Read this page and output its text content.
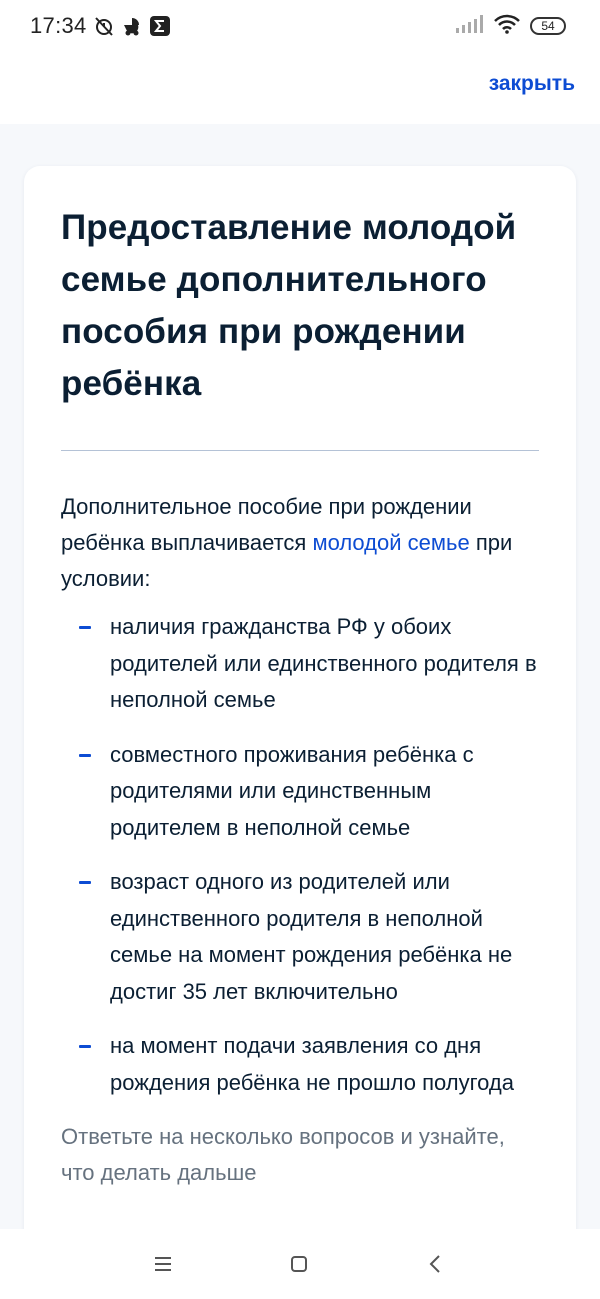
17:34	54
закрыть
Предоставление молодой семье дополнительного пособия при рождении ребёнка

Дополнительное пособие при рождении ребёнка выплачивается молодой семье при условии:

наличия гражданства РФ у обоих родителей или единственного родителя в неполной семье
совместного проживания ребёнка с родителями или единственным родителем в неполной семье
возраст одного из родителей или единственного родителя в неполной семье на момент рождения ребёнка не достиг 35 лет включительно
на момент подачи заявления со дня рождения ребёнка не прошло полугода

Ответьте на несколько вопросов и узнайте, что делать дальше
